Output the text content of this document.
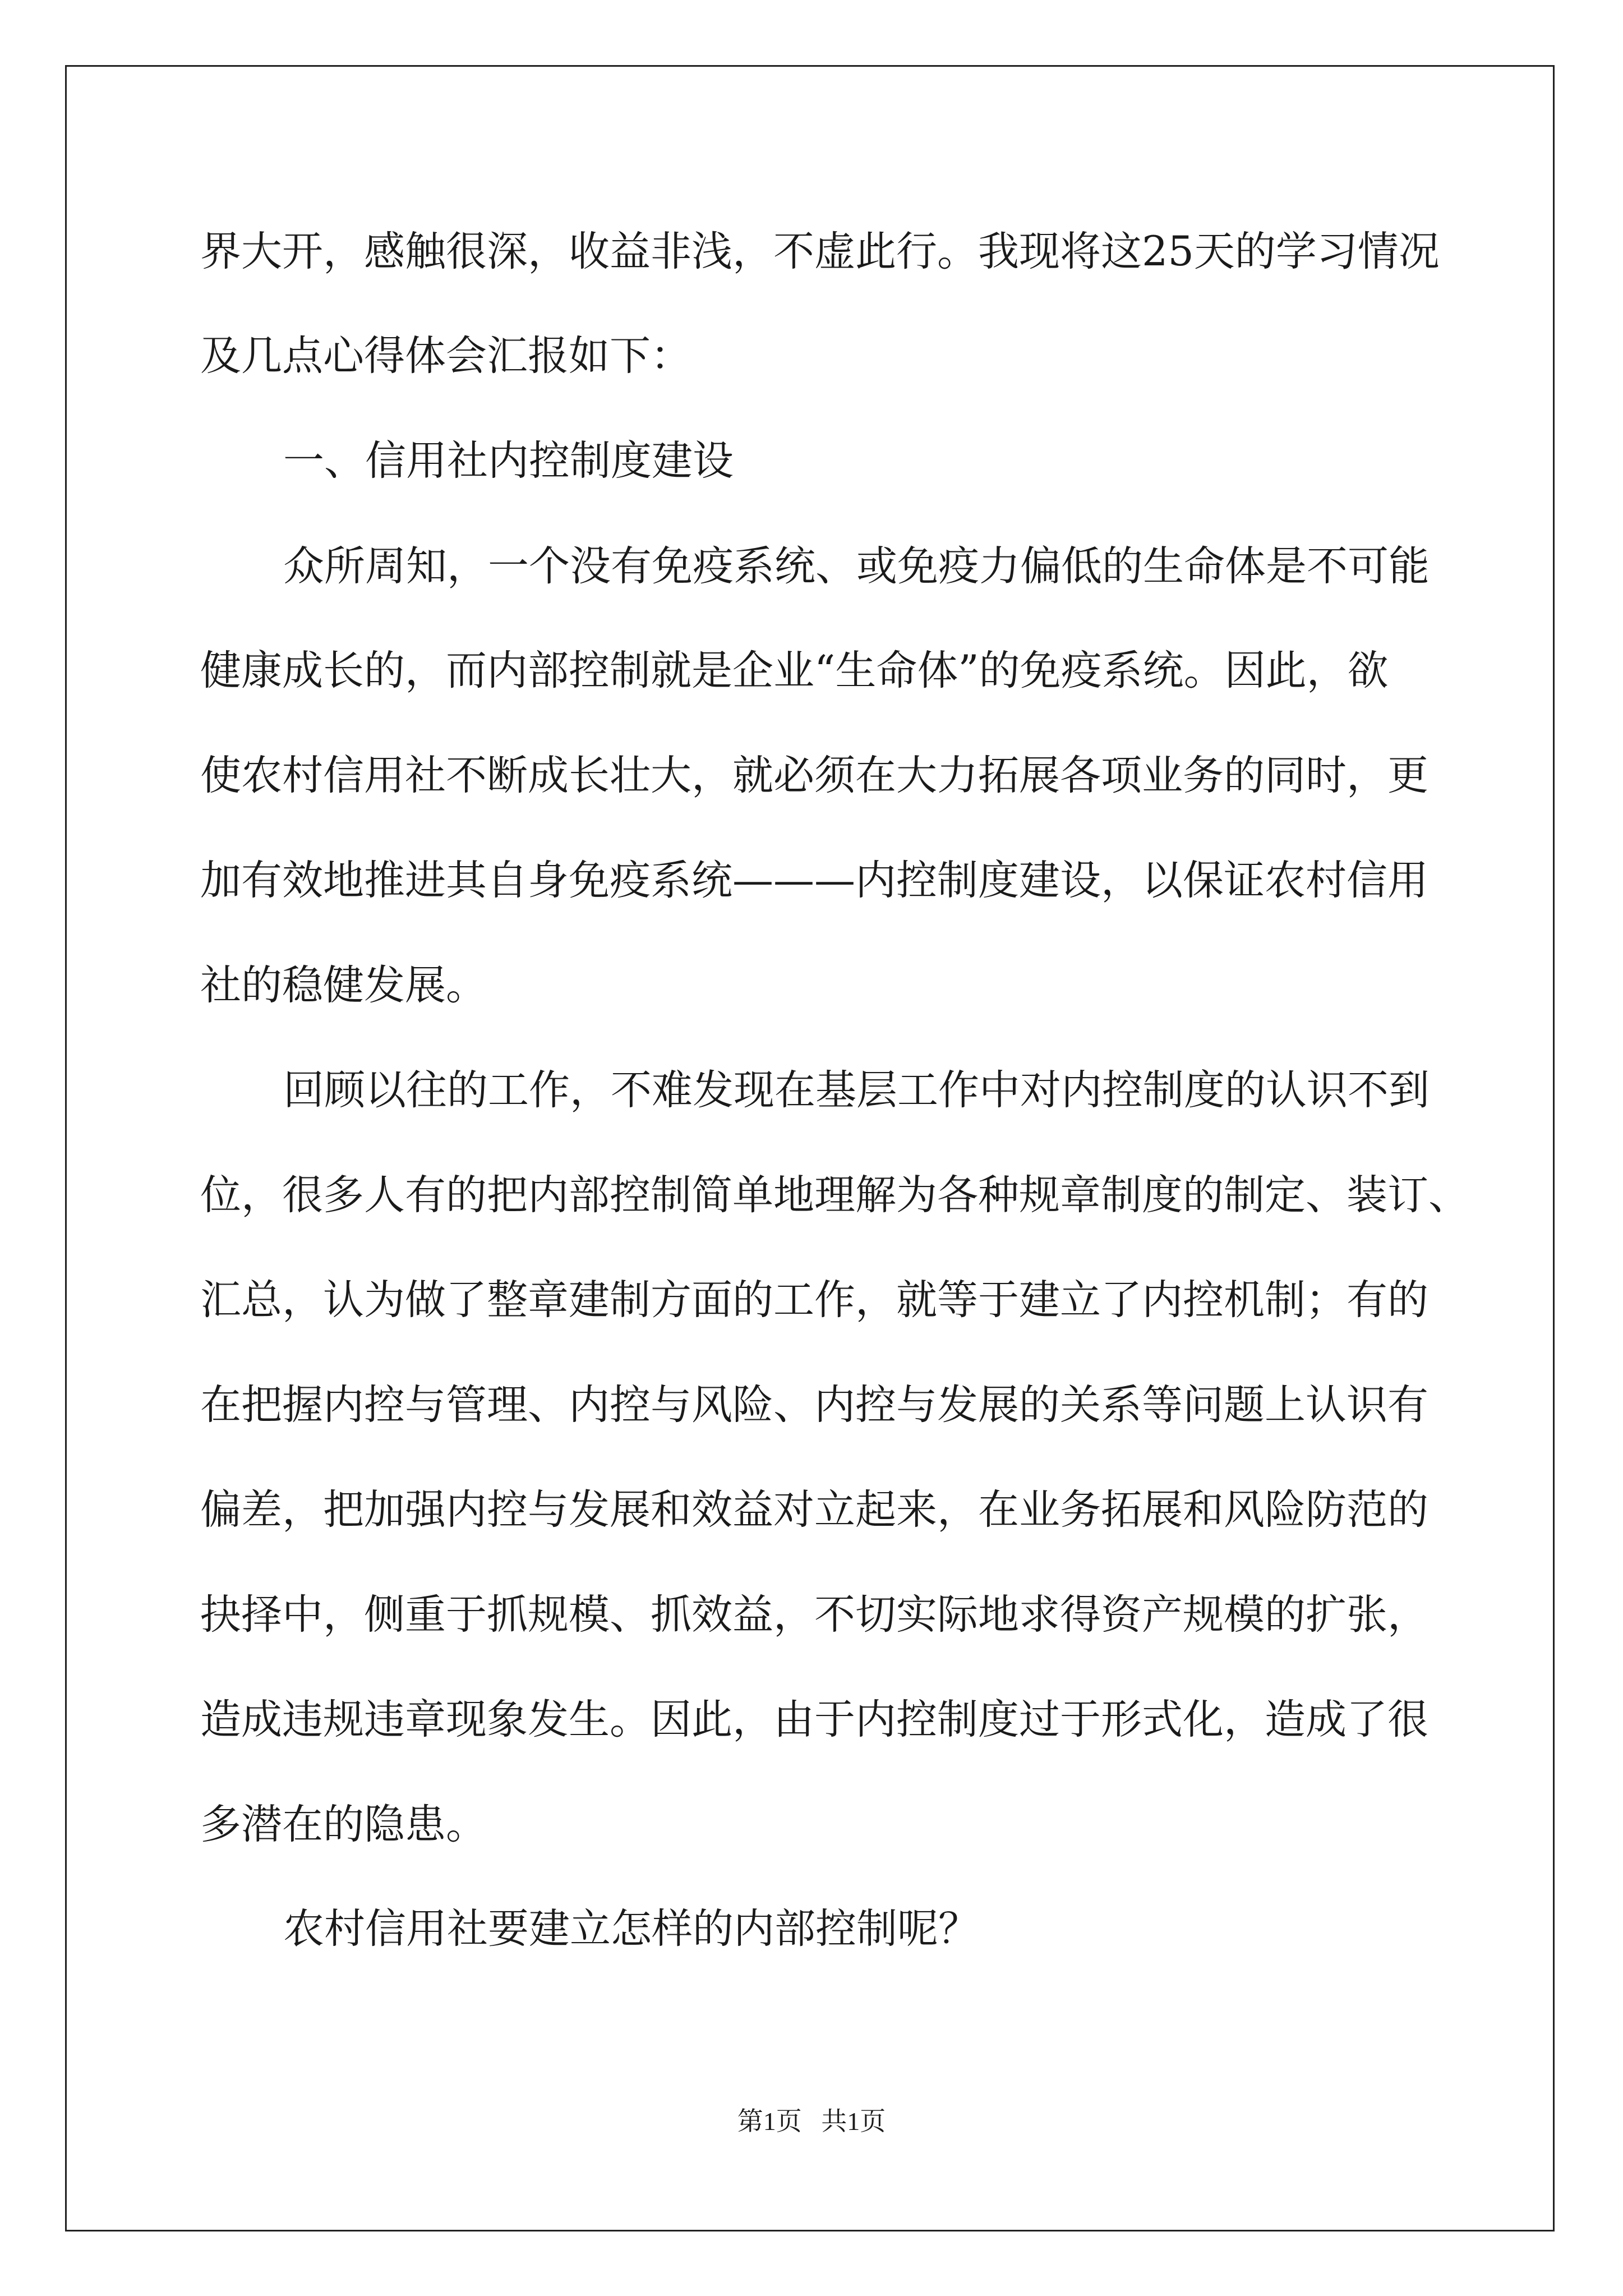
界大开，感触很深，收益非浅，不虚此行。我现将这25天的学习情况
及几点心得体会汇报如下：
一、信用社内控制度建设
众所周知，一个没有免疫系统、或免疫力偏低的生命体是不可能
健康成长的，而内部控制就是企业“生命体”的免疫系统。因此，欲
使农村信用社不断成长壮大，就必须在大力拓展各项业务的同时，更
加有效地推进其自身免疫系统———内控制度建设，以保证农村信用
社的稳健发展。
回顾以往的工作，不难发现在基层工作中对内控制度的认识不到
位，很多人有的把内部控制简单地理解为各种规章制度的制定、装订、
汇总，认为做了整章建制方面的工作，就等于建立了内控机制；有的
在把握内控与管理、内控与风险、内控与发展的关系等问题上认识有
偏差，把加强内控与发展和效益对立起来，在业务拓展和风险防范的
抉择中，侧重于抓规模、抓效益，不切实际地求得资产规模的扩张，
造成违规违章现象发生。因此，由于内控制度过于形式化，造成了很
多潜在的隐患。
农村信用社要建立怎样的内部控制呢？
第1页   共1页
